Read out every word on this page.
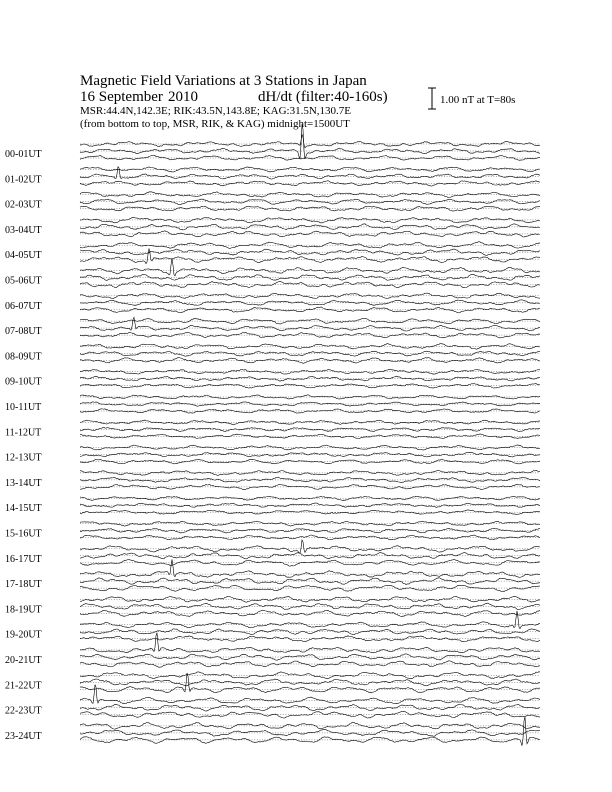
Magnetic Field Variations at 3 Stations in Japan
16 September 2010	dH/dt (filter:40-160s)
MSR:44.4N,142.3E; RIK:43.5N,143.8E; KAG:31.5N,130.7E
(from bottom to top, MSR, RIK, & KAG) midnight=1500UT
1.00 nT at T=80s
00-01UT
01-02UT
02-03UT
03-04UT
04-05UT
05-06UT
06-07UT
07-08UT
08-09UT
09-10UT
10-11UT
11-12UT
12-13UT
13-14UT
14-15UT
15-16UT
16-17UT
17-18UT
18-19UT
19-20UT
20-21UT
21-22UT
22-23UT
23-24UT
